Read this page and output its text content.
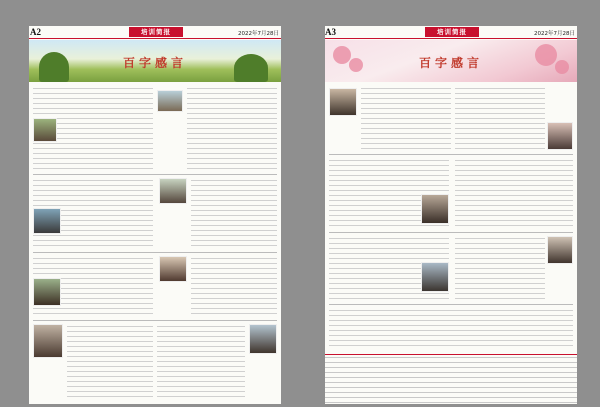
A2	培训简报	2022年7月28日
百字感言
A3	培训简报	2022年7月28日
百字感言
